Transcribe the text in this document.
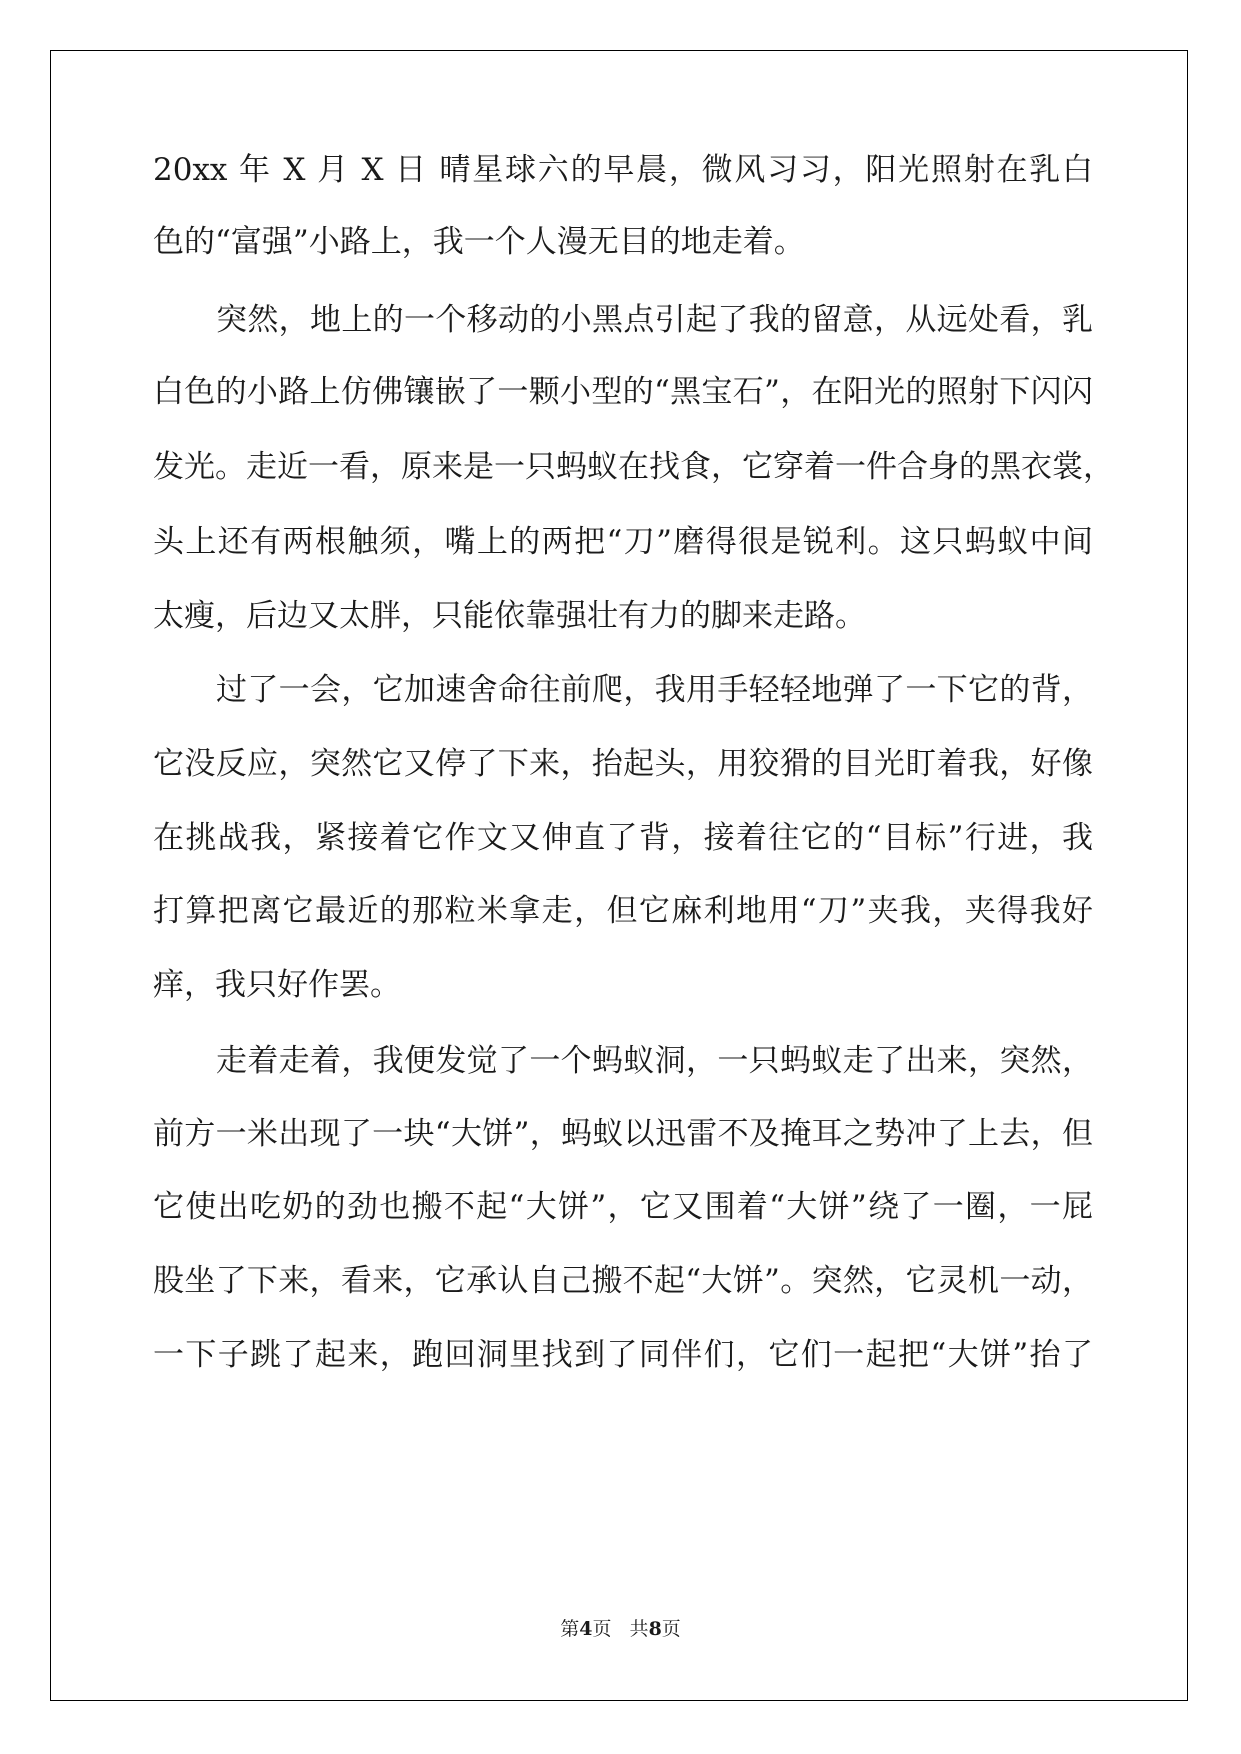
20xx 年 X 月 X 日 晴星球六的早晨，微风习习，阳光照射在乳白
色的“富强”小路上，我一个人漫无目的地走着。
突然，地上的一个移动的小黑点引起了我的留意，从远处看，乳
白色的小路上仿佛镶嵌了一颗小型的“黑宝石”，在阳光的照射下闪闪
发光。走近一看，原来是一只蚂蚁在找食，它穿着一件合身的黑衣裳，
头上还有两根触须，嘴上的两把“刀”磨得很是锐利。这只蚂蚁中间
太瘦，后边又太胖，只能依靠强壮有力的脚来走路。
过了一会，它加速舍命往前爬，我用手轻轻地弹了一下它的背，
它没反应，突然它又停了下来，抬起头，用狡猾的目光盯着我，好像
在挑战我，紧接着它作文又伸直了背，接着往它的“目标”行进，我
打算把离它最近的那粒米拿走，但它麻利地用“刀”夹我，夹得我好
痒，我只好作罢。
走着走着，我便发觉了一个蚂蚁洞，一只蚂蚁走了出来，突然，
前方一米出现了一块“大饼”，蚂蚁以迅雷不及掩耳之势冲了上去，但
它使出吃奶的劲也搬不起“大饼”，它又围着“大饼”绕了一圈，一屁
股坐了下来，看来，它承认自己搬不起“大饼”。突然，它灵机一动，
一下子跳了起来，跑回洞里找到了同伴们，它们一起把“大饼”抬了
第4页   共8页
